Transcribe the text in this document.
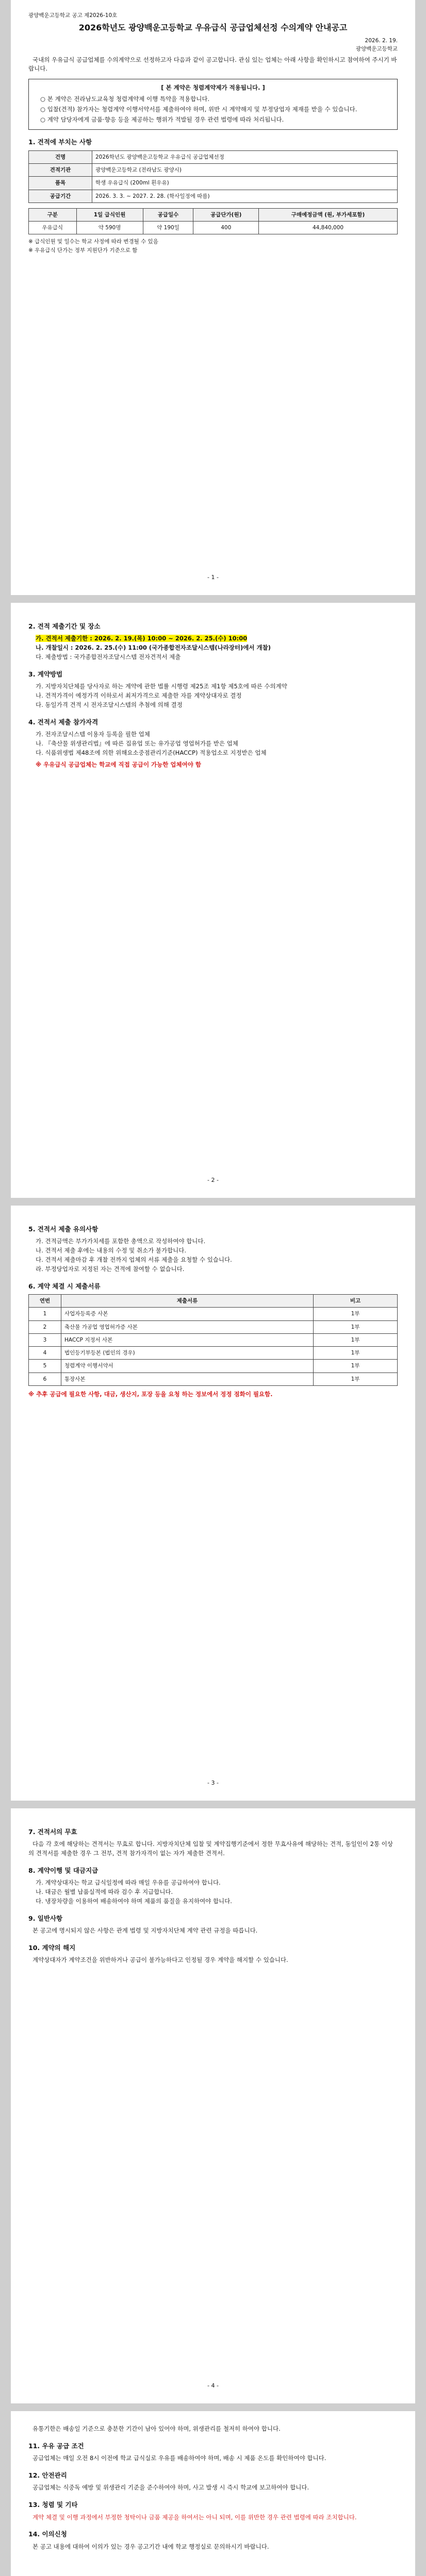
광양백운고등학교 공고 제2026-10호
2026학년도 광양백운고등학교 우유급식 공급업체선정 수의계약 안내공고
2026. 2. 19.
광양백운고등학교

국내의 우유급식 공급업체를 수의계약으로 선정하고자 다음과 같이 공고합니다. 관심 있는 업체는 아래 사항을 확인하시고 참여하여 주시기 바랍니다.

[ 본 계약은 청렴계약제가 적용됩니다. ]
○ 본 계약은 전라남도교육청 청렴계약제 이행 특약을 적용합니다.
○ 입찰(견적) 참가자는 청렴계약 이행서약서를 제출하여야 하며, 위반 시 계약해지 및 부정당업자 제재를 받을 수 있습니다.
○ 계약 담당자에게 금품·향응 등을 제공하는 행위가 적발될 경우 관련 법령에 따라 처리됩니다.
1. 견적에 부치는 사항
건명	2026학년도 광양백운고등학교 우유급식 공급업체선정
견적기관	광양백운고등학교 (전라남도 광양시)
품목	학생 우유급식 (200ml 흰우유)
공급기간	2026. 3. 3. ~ 2027. 2. 28. (학사일정에 따름)
구분	1일 급식인원	공급일수	공급단가(원)	구매예정금액 (원, 부가세포함)
우유급식	약 590명	약 190일	400	44,840,000
※ 급식인원 및 일수는 학교 사정에 따라 변경될 수 있음
※ 우유급식 단가는 정부 지원단가 기준으로 함
- 1 -
2. 견적 제출기간 및 장소
가. 견적서 제출기한 : 2026. 2. 19.(목) 10:00 ~ 2026. 2. 25.(수) 10:00
나. 개찰일시 : 2026. 2. 25.(수) 11:00 (국가종합전자조달시스템(나라장터)에서 개찰)
다. 제출방법 : 국가종합전자조달시스템 전자견적서 제출
3. 계약방법
가. 지방자치단체를 당사자로 하는 계약에 관한 법률 시행령 제25조 제1항 제5호에 따른 수의계약
나. 견적가격이 예정가격 이하로서 최저가격으로 제출한 자를 계약상대자로 결정
다. 동일가격 견적 시 전자조달시스템의 추첨에 의해 결정
4. 견적서 제출 참가자격
가. 전자조달시스템 이용자 등록을 필한 업체
나. 『축산물 위생관리법』에 따른 집유업 또는 유가공업 영업허가를 받은 업체
다. 식품위생법 제48조에 의한 위해요소중점관리기준(HACCP) 적용업소로 지정받은 업체
※ 우유급식 공급업체는 학교에 직접 공급이 가능한 업체여야 함
- 2 -
5. 견적서 제출 유의사항
가. 견적금액은 부가가치세를 포함한 총액으로 작성하여야 합니다.
나. 견적서 제출 후에는 내용의 수정 및 취소가 불가합니다.
다. 견적서 제출마감 후 개찰 전까지 업체의 서류 제출을 요청할 수 있습니다.
라. 부정당업자로 지정된 자는 견적에 참여할 수 없습니다.
6. 계약 체결 시 제출서류
연번	제출서류	비고
1	사업자등록증 사본	1부
2	축산물 가공업 영업허가증 사본	1부
3	HACCP 지정서 사본	1부
4	법인등기부등본 (법인의 경우)	1부
5	청렴계약 이행서약서	1부
6	통장사본	1부
※ 추후 공급에 필요한 사항, 대금, 생산지, 포장 등을 요청 하는 정보에서 정정 점화이 필요함.
- 3 -
7. 견적서의 무효

다음 각 호에 해당하는 견적서는 무효로 합니다. 지방자치단체 입찰 및 계약집행기준에서 정한 무효사유에 해당하는 견적, 동일인이 2통 이상의 견적서를 제출한 경우 그 전부, 견적 참가자격이 없는 자가 제출한 견적서.

8. 계약이행 및 대금지급
가. 계약상대자는 학교 급식일정에 따라 매일 우유를 공급하여야 합니다.
나. 대금은 월별 납품실적에 따라 검수 후 지급합니다.
다. 냉장차량을 이용하여 배송하여야 하며 제품의 품질을 유지하여야 합니다.
9. 일반사항

본 공고에 명시되지 않은 사항은 관계 법령 및 지방자치단체 계약 관련 규정을 따릅니다.

10. 계약의 해지

계약상대자가 계약조건을 위반하거나 공급이 불가능하다고 인정될 경우 계약을 해지할 수 있습니다.

- 4 -

유통기한은 배송일 기준으로 충분한 기간이 남아 있어야 하며, 위생관리를 철저히 하여야 합니다.

11. 우유 공급 조건

공급업체는 매일 오전 8시 이전에 학교 급식실로 우유를 배송하여야 하며, 배송 시 제품 온도를 확인하여야 합니다.

12. 안전관리

공급업체는 식중독 예방 및 위생관리 기준을 준수하여야 하며, 사고 발생 시 즉시 학교에 보고하여야 합니다.

13. 청렴 및 기타

계약 체결 및 이행 과정에서 부정한 청탁이나 금품 제공을 하여서는 아니 되며, 이를 위반한 경우 관련 법령에 따라 조치합니다.

14. 이의신청

본 공고 내용에 대하여 이의가 있는 경우 공고기간 내에 학교 행정실로 문의하시기 바랍니다.
